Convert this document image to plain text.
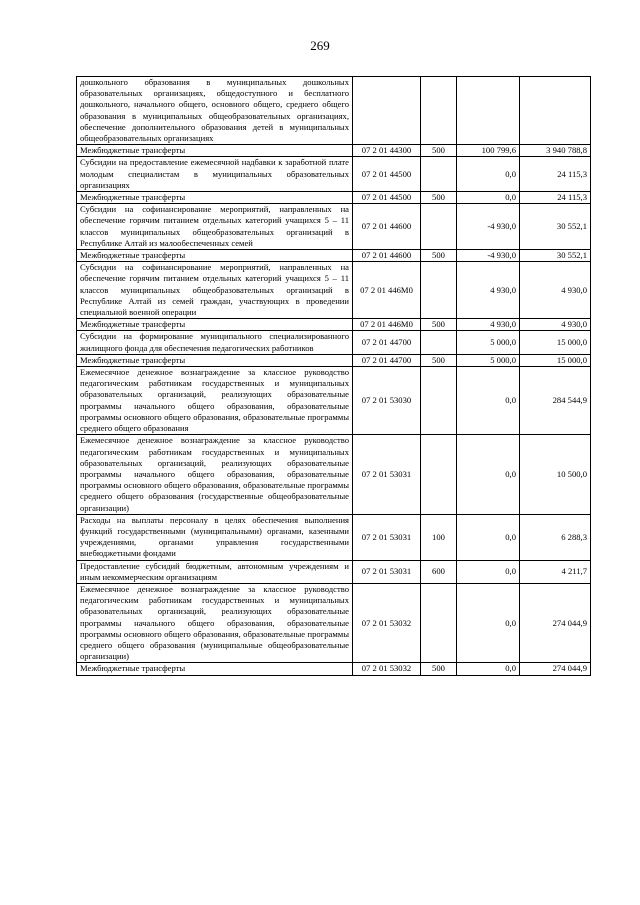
269
дошкольного образования в муниципальных дошкольных образовательных организациях, общедоступного и бесплатного дошкольного, начального общего, основного общего, среднего общего образования в муниципальных общеобразовательных организациях, обеспечение дополнительного образования детей в муниципальных общеобразовательных организациях				
Межбюджетные трансферты	07 2 01 44300	500	100 799,6	3 940 788,8
Субсидии на предоставление ежемесячной надбавки к заработной плате молодым специалистам в муниципальных образовательных организациях	07 2 01 44500		0,0	24 115,3
Межбюджетные трансферты	07 2 01 44500	500	0,0	24 115,3
Субсидии на софинансирование мероприятий, направленных на обеспечение горячим питанием отдельных категорий учащихся 5 – 11 классов муниципальных общеобразовательных организаций в Республике Алтай из малообеспеченных семей	07 2 01 44600		-4 930,0	30 552,1
Межбюджетные трансферты	07 2 01 44600	500	-4 930,0	30 552,1
Субсидии на софинансирование мероприятий, направленных на обеспечение горячим питанием отдельных категорий учащихся 5 – 11 классов муниципальных общеобразовательных организаций в Республике Алтай из семей граждан, участвующих в проведении специальной военной операции	07 2 01 446М0		4 930,0	4 930,0
Межбюджетные трансферты	07 2 01 446М0	500	4 930,0	4 930,0
Субсидии на формирование муниципального специализированного жилищного фонда для обеспечения педагогических работников	07 2 01 44700		5 000,0	15 000,0
Межбюджетные трансферты	07 2 01 44700	500	5 000,0	15 000,0
Ежемесячное денежное вознаграждение за классное руководство педагогическим работникам государственных и муниципальных образовательных организаций, реализующих образовательные программы начального общего образования, образовательные программы основного общего образования, образовательные программы среднего общего образования	07 2 01 53030		0,0	284 544,9
Ежемесячное денежное вознаграждение за классное руководство педагогическим работникам государственных и муниципальных образовательных организаций, реализующих образовательные программы начального общего образования, образовательные программы основного общего образования, образовательные программы среднего общего образования (государственные общеобразовательные организации)	07 2 01 53031		0,0	10 500,0
Расходы на выплаты персоналу в целях обеспечения выполнения функций государственными (муниципальными) органами, казенными учреждениями, органами управления государственными внебюджетными фондами	07 2 01 53031	100	0,0	6 288,3
Предоставление субсидий бюджетным, автономным учреждениям и иным некоммерческим организациям	07 2 01 53031	600	0,0	4 211,7
Ежемесячное денежное вознаграждение за классное руководство педагогическим работникам государственных и муниципальных образовательных организаций, реализующих образовательные программы начального общего образования, образовательные программы основного общего образования, образовательные программы среднего общего образования (муниципальные общеобразовательные организации)	07 2 01 53032		0,0	274 044,9
Межбюджетные трансферты	07 2 01 53032	500	0,0	274 044,9
